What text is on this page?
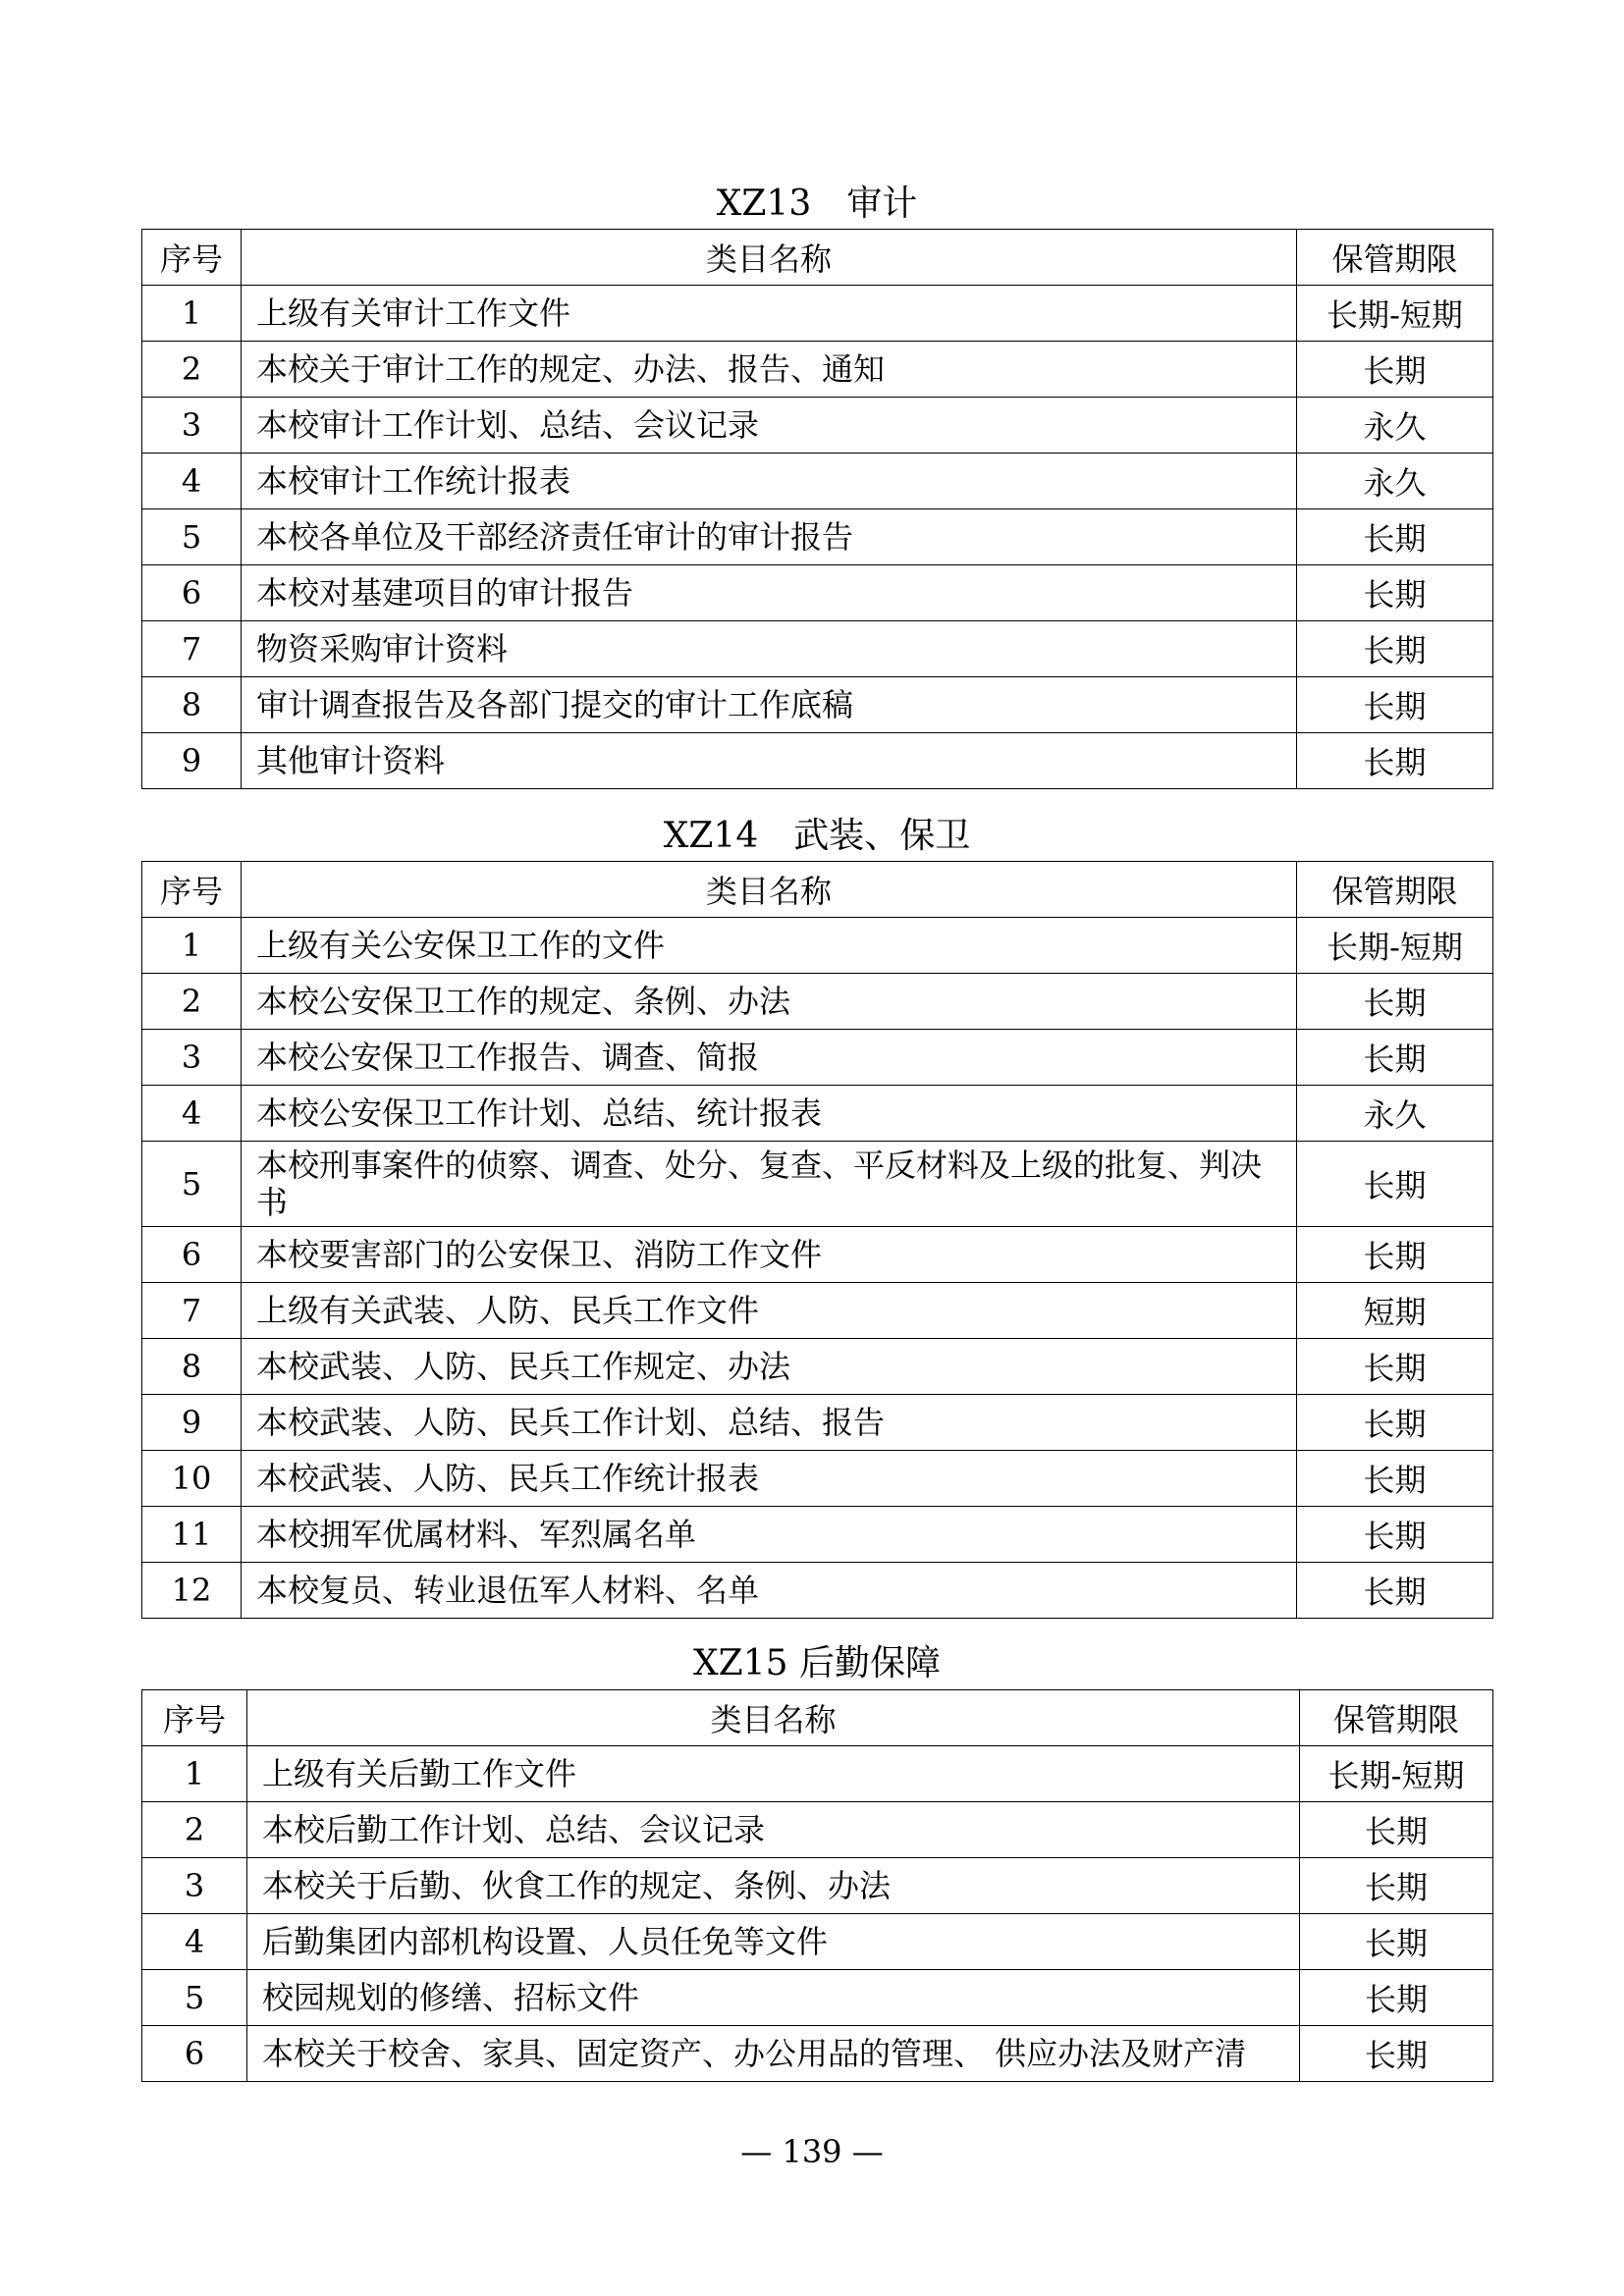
XZ13　审计
序号	类目名称	保管期限
1	上级有关审计工作文件	长期-短期
2	本校关于审计工作的规定、办法、报告、通知	长期
3	本校审计工作计划、总结、会议记录	永久
4	本校审计工作统计报表	永久
5	本校各单位及干部经济责任审计的审计报告	长期
6	本校对基建项目的审计报告	长期
7	物资采购审计资料	长期
8	审计调查报告及各部门提交的审计工作底稿	长期
9	其他审计资料	长期
XZ14　武装、保卫
序号	类目名称	保管期限
1	上级有关公安保卫工作的文件	长期-短期
2	本校公安保卫工作的规定、条例、办法	长期
3	本校公安保卫工作报告、调查、简报	长期
4	本校公安保卫工作计划、总结、统计报表	永久
5	本校刑事案件的侦察、调查、处分、复查、平反材料及上级的批复、判决书	长期
6	本校要害部门的公安保卫、消防工作文件	长期
7	上级有关武装、人防、民兵工作文件	短期
8	本校武装、人防、民兵工作规定、办法	长期
9	本校武装、人防、民兵工作计划、总结、报告	长期
10	本校武装、人防、民兵工作统计报表	长期
11	本校拥军优属材料、军烈属名单	长期
12	本校复员、转业退伍军人材料、名单	长期
XZ15 后勤保障
序号	类目名称	保管期限
1	上级有关后勤工作文件	长期-短期
2	本校后勤工作计划、总结、会议记录	长期
3	本校关于后勤、伙食工作的规定、条例、办法	长期
4	后勤集团内部机构设置、人员任免等文件	长期
5	校园规划的修缮、招标文件	长期
6	本校关于校舍、家具、固定资产、办公用品的管理、 供应办法及财产清	长期
— 139 —
